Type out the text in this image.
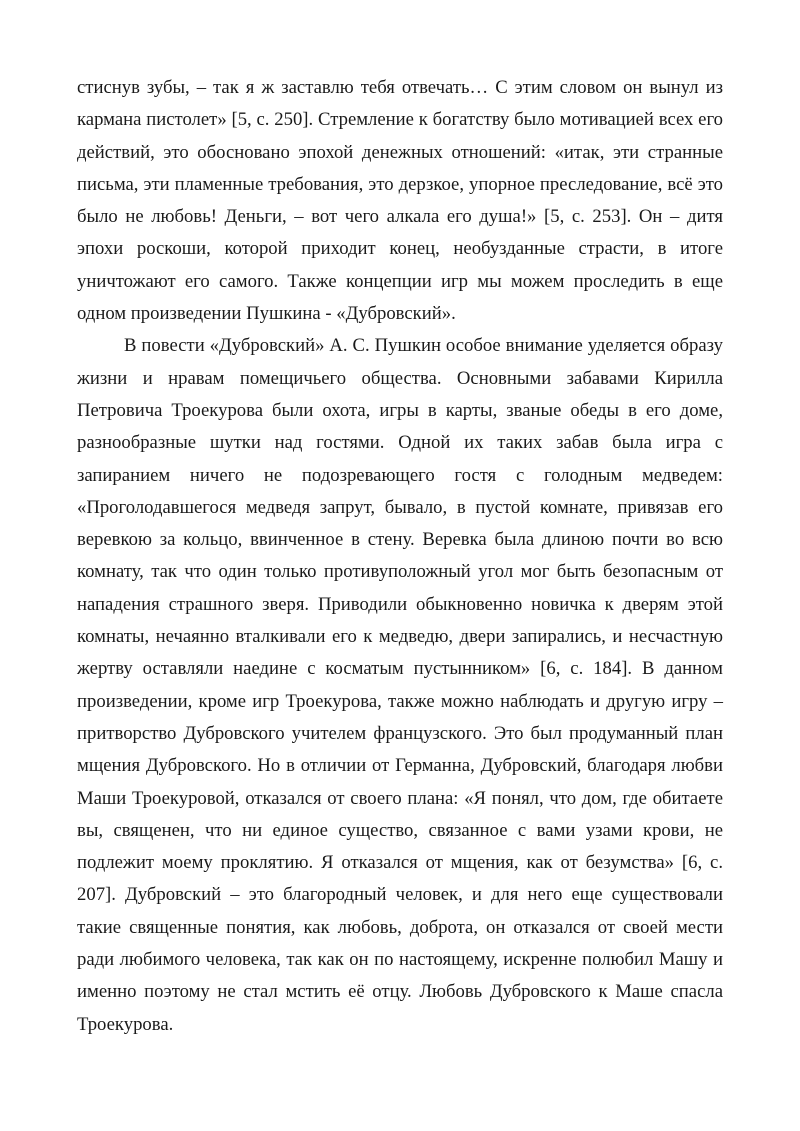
стиснув зубы, – так я ж заставлю тебя отвечать… С этим словом он вынул из кармана пистолет» [5, с. 250]. Стремление к богатству было мотивацией всех его действий, это обосновано эпохой денежных отношений: «итак, эти странные письма, эти пламенные требования, это дерзкое, упорное преследование, всё это было не любовь! Деньги, – вот чего алкала его душа!» [5, с. 253]. Он – дитя эпохи роскоши, которой приходит конец, необузданные страсти, в итоге уничтожают его самого. Также концепции игр мы можем проследить в еще одном произведении Пушкина - «Дубровский».

В повести «Дубровский» А. С. Пушкин особое внимание уделяется образу жизни и нравам помещичьего общества. Основными забавами Кирилла Петровича Троекурова были охота, игры в карты, званые обеды в его доме, разнообразные шутки над гостями. Одной их таких забав была игра с запиранием ничего не подозревающего гостя с голодным медведем: «Проголодавшегося медведя запрут, бывало, в пустой комнате, привязав его веревкою за кольцо, ввинченное в стену. Веревка была длиною почти во всю комнату, так что один только противуположный угол мог быть безопасным от нападения страшного зверя. Приводили обыкновенно новичка к дверям этой комнаты, нечаянно вталкивали его к медведю, двери запирались, и несчастную жертву оставляли наедине с косматым пустынником» [6, с. 184]. В данном произведении, кроме игр Троекурова, также можно наблюдать и другую игру – притворство Дубровского учителем французского. Это был продуманный план мщения Дубровского. Но в отличии от Германна, Дубровский, благодаря любви Маши Троекуровой, отказался от своего плана: «Я понял, что дом, где обитаете вы, священен, что ни единое существо, связанное с вами узами крови, не подлежит моему проклятию. Я отказался от мщения, как от безумства» [6, с. 207]. Дубровский – это благородный человек, и для него еще существовали такие священные понятия, как любовь, доброта, он отказался от своей мести ради любимого человека, так как он по настоящему, искренне полюбил Машу и именно поэтому не стал мстить её отцу. Любовь Дубровского к Маше спасла Троекурова.
